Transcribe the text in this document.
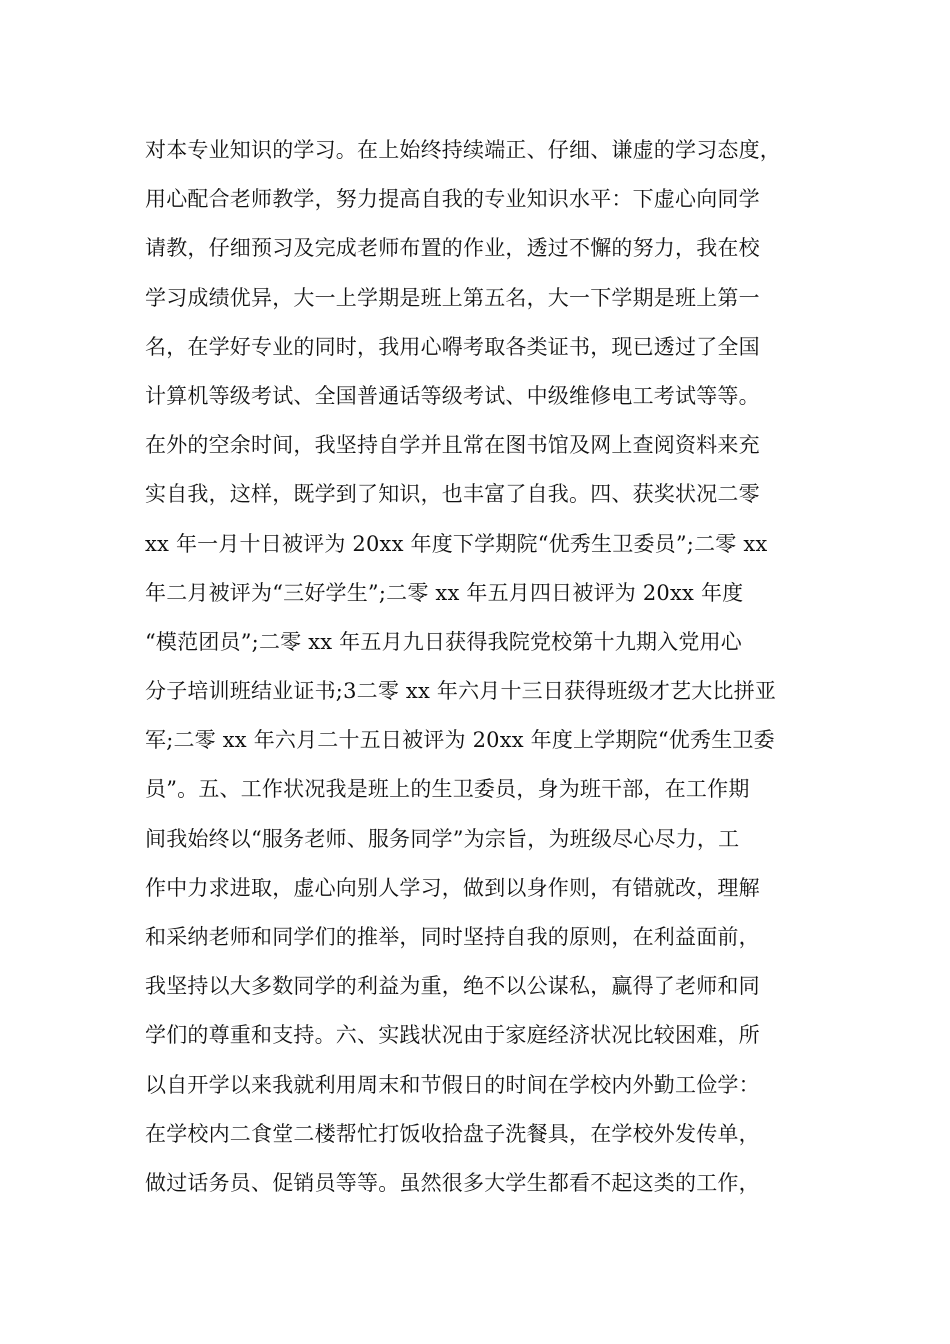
对本专业知识的学习。在上始终持续端正、仔细、谦虚的学习态度，
用心配合老师教学，努力提高自我的专业知识水平：下虚心向同学
请教，仔细预习及完成老师布置的作业，透过不懈的努力，我在校
学习成绩优异，大一上学期是班上第五名，大一下学期是班上第一
名，在学好专业的同时，我用心嘚考取各类证书，现已透过了全国
计算机等级考试、全国普通话等级考试、中级维修电工考试等等。
在外的空余时间，我坚持自学并且常在图书馆及网上查阅资料来充
实自我，这样，既学到了知识，也丰富了自我。四、获奖状况二零
xx 年一月十日被评为 20xx 年度下学期院“优秀生卫委员”;二零 xx
年二月被评为“三好学生”;二零 xx 年五月四日被评为 20xx 年度
“模范团员”;二零 xx 年五月九日获得我院党校第十九期入党用心
分子培训班结业证书;3二零 xx 年六月十三日获得班级才艺大比拼亚
军;二零 xx 年六月二十五日被评为 20xx 年度上学期院“优秀生卫委
员”。五、工作状况我是班上的生卫委员，身为班干部，在工作期
间我始终以“服务老师、服务同学”为宗旨，为班级尽心尽力，工
作中力求进取，虚心向别人学习，做到以身作则，有错就改，理解
和采纳老师和同学们的推举，同时坚持自我的原则，在利益面前，
我坚持以大多数同学的利益为重，绝不以公谋私，赢得了老师和同
学们的尊重和支持。六、实践状况由于家庭经济状况比较困难，所
以自开学以来我就利用周末和节假日的时间在学校内外勤工俭学：
在学校内二食堂二楼帮忙打饭收拾盘子洗餐具，在学校外发传单，
做过话务员、促销员等等。虽然很多大学生都看不起这类的工作，
